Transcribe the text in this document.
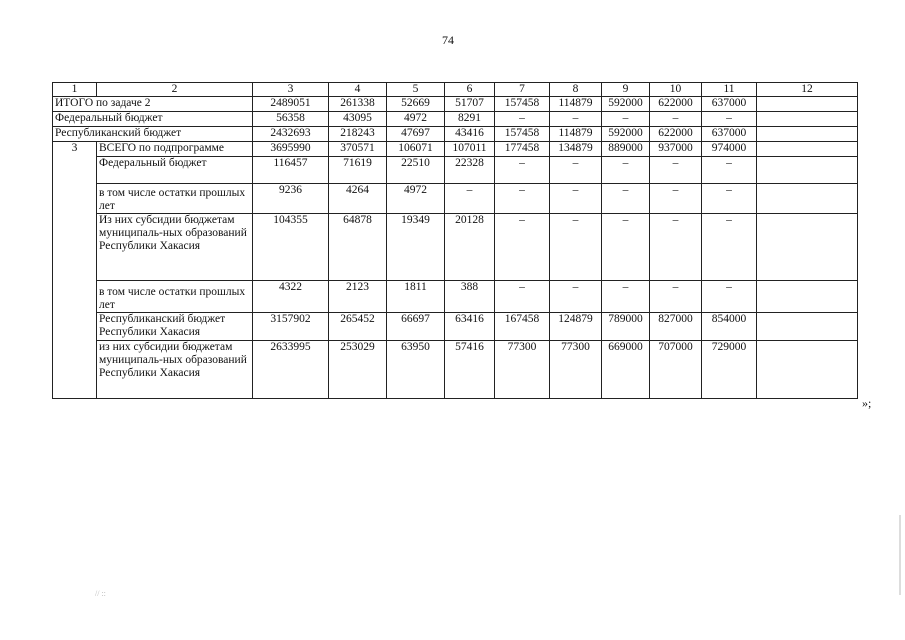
74
1	2	3	4	5	6	7	8	9	10	11	12
ИТОГО по задаче 2		2489051	261338	52669	51707	157458	114879	592000	622000	637000	
Федеральный бюджет		56358	43095	4972	8291	–	–	–	–	–	
Республиканский бюджет		2432693	218243	47697	43416	157458	114879	592000	622000	637000	
3	ВСЕГО по подпрограмме	3695990	370571	106071	107011	177458	134879	889000	937000	974000	
	Федеральный бюджет	116457	71619	22510	22328	–	–	–	–	–	
	в том числе остатки прошлых лет	9236	4264	4972	–	–	–	–	–	–	
	Из них субсидии бюджетам муниципаль-ных образований Республики Хакасия	104355	64878	19349	20128	–	–	–	–	–	
	в том числе остатки прошлых лет	4322	2123	1811	388	–	–	–	–	–	
	Республиканский бюджет Республики Хакасия	3157902	265452	66697	63416	167458	124879	789000	827000	854000	
	из них субсидии бюджетам муниципаль-ных образований Республики Хакасия	2633995	253029	63950	57416	77300	77300	669000	707000	729000	
»;
// ::
